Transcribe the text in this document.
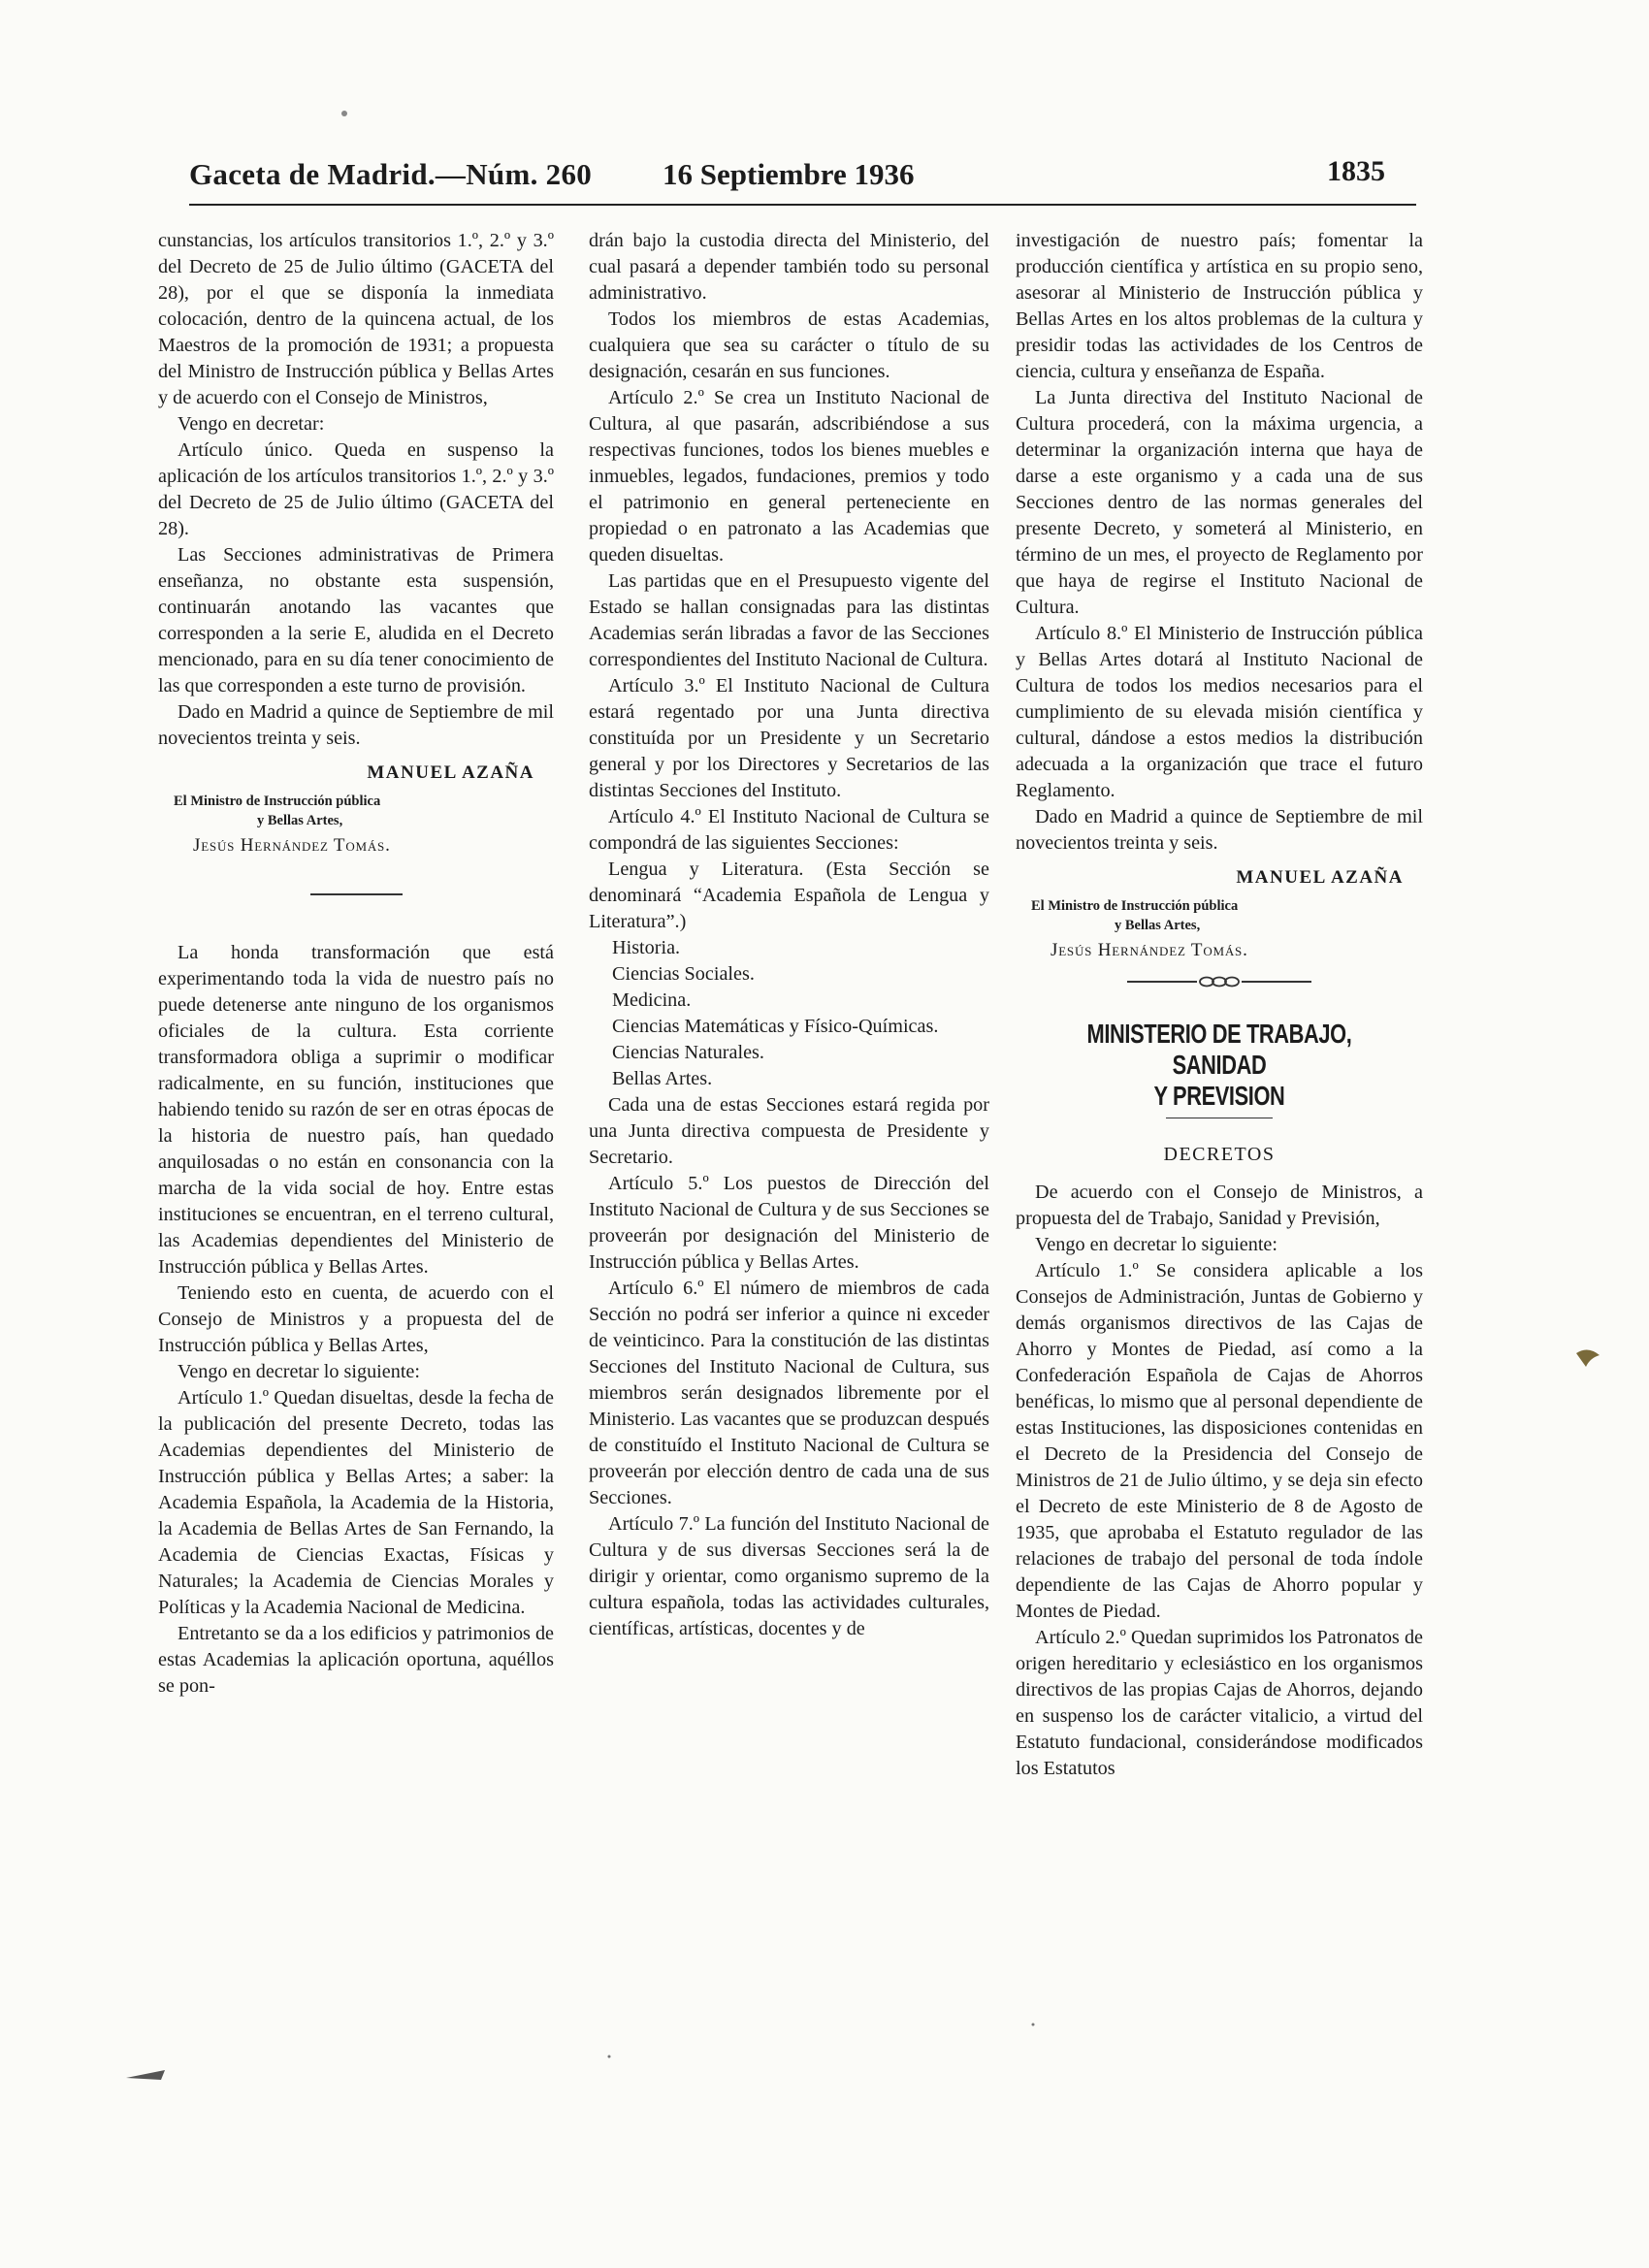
Gaceta de Madrid.—Núm. 260 16 Septiembre 1936	1835

cunstancias, los artículos transitorios 1.º, 2.º y 3.º del Decreto de 25 de Julio último (GACETA del 28), por el que se disponía la inmediata colocación, dentro de la quincena actual, de los Maestros de la promoción de 1931; a propuesta del Ministro de Instrucción pública y Bellas Artes y de acuerdo con el Consejo de Ministros,

Vengo en decretar:

Artículo único. Queda en suspenso la aplicación de los artículos transitorios 1.º, 2.º y 3.º del Decreto de 25 de Julio último (GACETA del 28).

Las Secciones administrativas de Primera enseñanza, no obstante esta suspensión, continuarán anotando las vacantes que corresponden a la serie E, aludida en el Decreto mencionado, para en su día tener conocimiento de las que corresponden a este turno de provisión.

Dado en Madrid a quince de Septiembre de mil novecientos treinta y seis.

MANUEL AZAÑA
El Ministro de Instrucción pública
y Bellas Artes,
Jesús Hernández Tomás.

La honda transformación que está experimentando toda la vida de nuestro país no puede detenerse ante ninguno de los organismos oficiales de la cultura. Esta corriente transformadora obliga a suprimir o modificar radicalmente, en su función, instituciones que habiendo tenido su razón de ser en otras épocas de la historia de nuestro país, han quedado anquilosadas o no están en consonancia con la marcha de la vida social de hoy. Entre estas instituciones se encuentran, en el terreno cultural, las Academias dependientes del Ministerio de Instrucción pública y Bellas Artes.

Teniendo esto en cuenta, de acuerdo con el Consejo de Ministros y a propuesta del de Instrucción pública y Bellas Artes,

Vengo en decretar lo siguiente:

Artículo 1.º Quedan disueltas, desde la fecha de la publicación del presente Decreto, todas las Academias dependientes del Ministerio de Instrucción pública y Bellas Artes; a saber: la Academia Española, la Academia de la Historia, la Academia de Bellas Artes de San Fernando, la Academia de Ciencias Exactas, Físicas y Naturales; la Academia de Ciencias Morales y Políticas y la Academia Nacional de Medicina.

Entretanto se da a los edificios y patrimonios de estas Academias la aplicación oportuna, aquéllos se pon-

drán bajo la custodia directa del Ministerio, del cual pasará a depender también todo su personal administrativo.

Todos los miembros de estas Academias, cualquiera que sea su carácter o título de su designación, cesarán en sus funciones.

Artículo 2.º Se crea un Instituto Nacional de Cultura, al que pasarán, adscribiéndose a sus respectivas funciones, todos los bienes muebles e inmuebles, legados, fundaciones, premios y todo el patrimonio en general perteneciente en propiedad o en patronato a las Academias que queden disueltas.

Las partidas que en el Presupuesto vigente del Estado se hallan consignadas para las distintas Academias serán libradas a favor de las Secciones correspondientes del Instituto Nacional de Cultura.

Artículo 3.º El Instituto Nacional de Cultura estará regentado por una Junta directiva constituída por un Presidente y un Secretario general y por los Directores y Secretarios de las distintas Secciones del Instituto.

Artículo 4.º El Instituto Nacional de Cultura se compondrá de las siguientes Secciones:

Lengua y Literatura. (Esta Sección se denominará “Academia Española de Lengua y Literatura”.)

Historia.

Ciencias Sociales.

Medicina.

Ciencias Matemáticas y Físico-Químicas.

Ciencias Naturales.

Bellas Artes.

Cada una de estas Secciones estará regida por una Junta directiva compuesta de Presidente y Secretario.

Artículo 5.º Los puestos de Dirección del Instituto Nacional de Cultura y de sus Secciones se proveerán por designación del Ministerio de Instrucción pública y Bellas Artes.

Artículo 6.º El número de miembros de cada Sección no podrá ser inferior a quince ni exceder de veinticinco. Para la constitución de las distintas Secciones del Instituto Nacional de Cultura, sus miembros serán designados libremente por el Ministerio. Las vacantes que se produzcan después de constituído el Instituto Nacional de Cultura se proveerán por elección dentro de cada una de sus Secciones.

Artículo 7.º La función del Instituto Nacional de Cultura y de sus diversas Secciones será la de dirigir y orientar, como organismo supremo de la cultura española, todas las actividades culturales, científicas, artísticas, docentes y de

investigación de nuestro país; fomentar la producción científica y artística en su propio seno, asesorar al Ministerio de Instrucción pública y Bellas Artes en los altos problemas de la cultura y presidir todas las actividades de los Centros de ciencia, cultura y enseñanza de España.

La Junta directiva del Instituto Nacional de Cultura procederá, con la máxima urgencia, a determinar la organización interna que haya de darse a este organismo y a cada una de sus Secciones dentro de las normas generales del presente Decreto, y someterá al Ministerio, en término de un mes, el proyecto de Reglamento por que haya de regirse el Instituto Nacional de Cultura.

Artículo 8.º El Ministerio de Instrucción pública y Bellas Artes dotará al Instituto Nacional de Cultura de todos los medios necesarios para el cumplimiento de su elevada misión científica y cultural, dándose a estos medios la distribución adecuada a la organización que trace el futuro Reglamento.

Dado en Madrid a quince de Septiembre de mil novecientos treinta y seis.

MANUEL AZAÑA
El Ministro de Instrucción pública
y Bellas Artes,
Jesús Hernández Tomás.
MINISTERIO DE TRABAJO, SANIDAD
Y PREVISION
DECRETOS

De acuerdo con el Consejo de Ministros, a propuesta del de Trabajo, Sanidad y Previsión,

Vengo en decretar lo siguiente:

Artículo 1.º Se considera aplicable a los Consejos de Administración, Juntas de Gobierno y demás organismos directivos de las Cajas de Ahorro y Montes de Piedad, así como a la Confederación Española de Cajas de Ahorros benéficas, lo mismo que al personal dependiente de estas Instituciones, las disposiciones contenidas en el Decreto de la Presidencia del Consejo de Ministros de 21 de Julio último, y se deja sin efecto el Decreto de este Ministerio de 8 de Agosto de 1935, que aprobaba el Estatuto regulador de las relaciones de trabajo del personal de toda índole dependiente de las Cajas de Ahorro popular y Montes de Piedad.

Artículo 2.º Quedan suprimidos los Patronatos de origen hereditario y eclesiástico en los organismos directivos de las propias Cajas de Ahorros, dejando en suspenso los de carácter vitalicio, a virtud del Estatuto fundacional, considerándose modificados los Estatutos
